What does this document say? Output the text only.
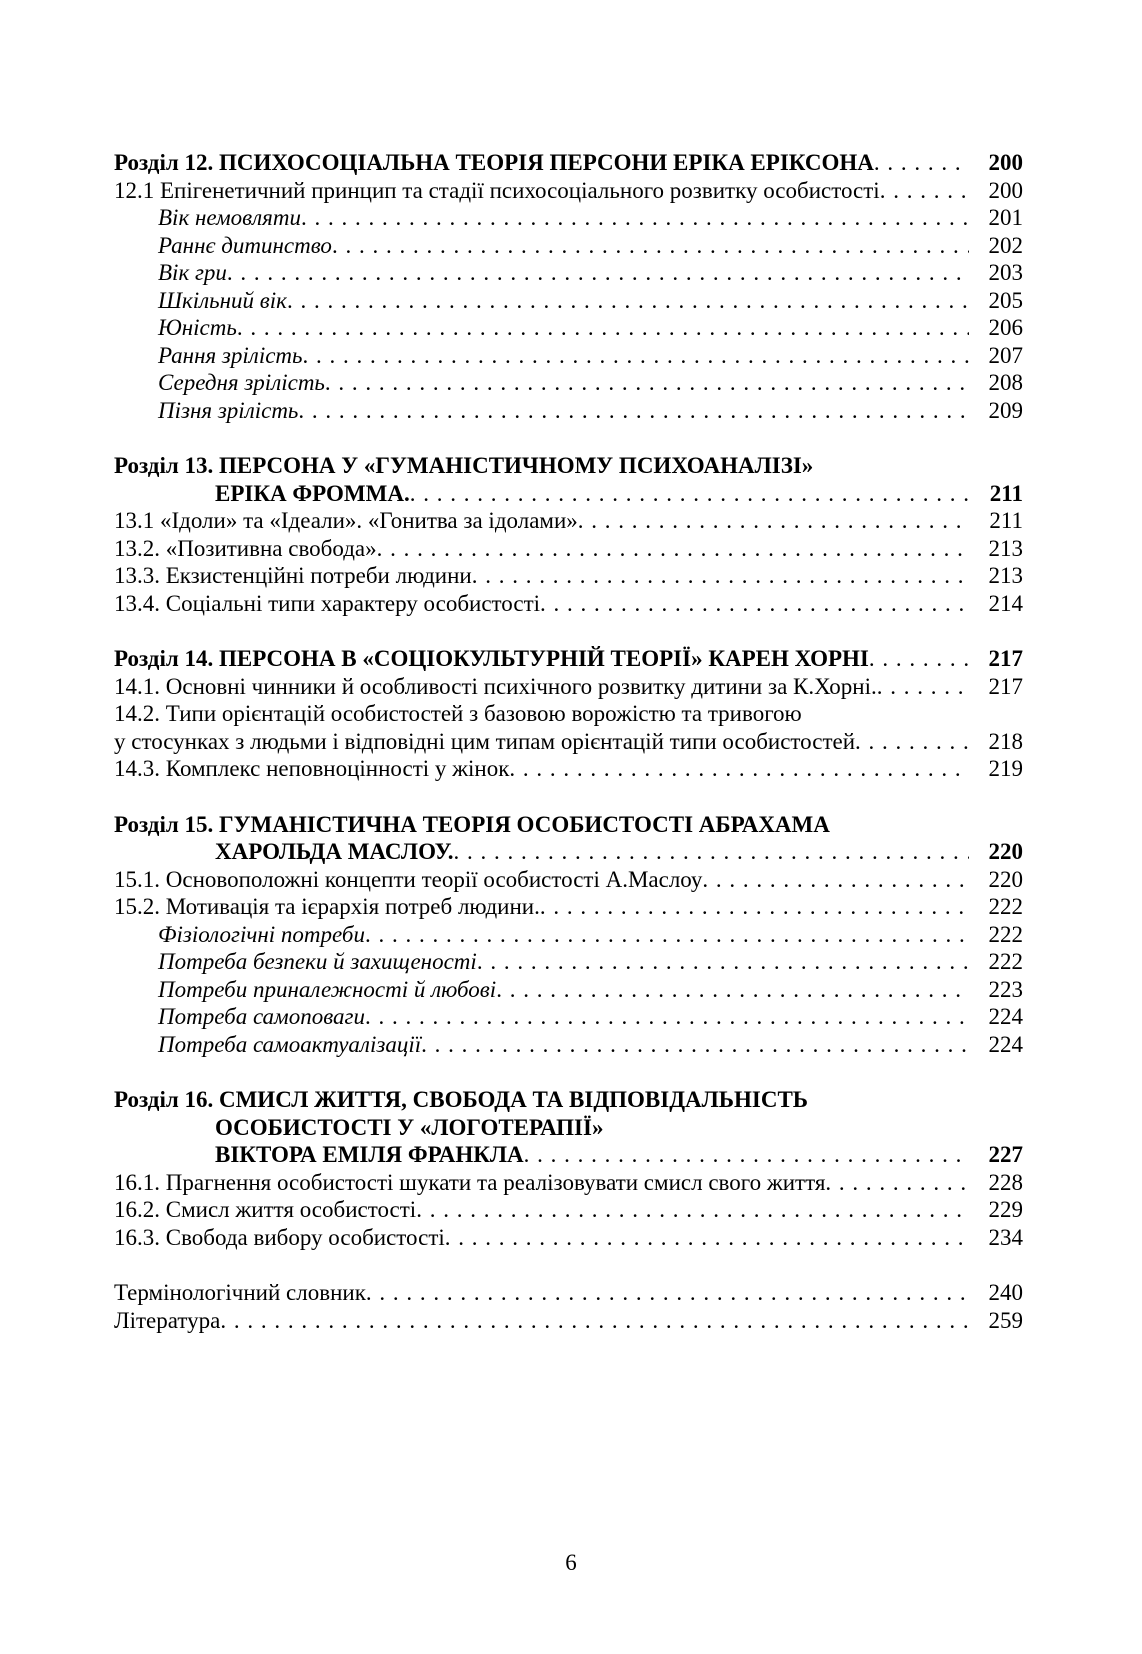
Розділ 12. ПСИХОСОЦІАЛЬНА ТЕОРІЯ ПЕРСОНИ ЕРІКА ЕРІКСОНА . . .	200
12.1 Епігенетичний принцип та стадії психосоціального розвитку особистості . . .	200
Вік немовляти . . .	201
Раннє дитинство . . .	202
Вік гри . . .	203
Шкільний вік . . .	205
Юність . . .	206
Рання зрілість . . .	207
Середня зрілість . . .	208
Пізня зрілість . . .	209
Розділ 13. ПЕРСОНА У «ГУМАНІСТИЧНОМУ ПСИХОАНАЛІЗІ»
ЕРІКА ФРОММА. . . .	211
13.1 «Ідоли» та «Ідеали». «Гонитва за ідолами» . . .	211
13.2. «Позитивна свобода» . . .	213
13.3. Екзистенційні потреби людини . . .	213
13.4. Соціальні типи характеру особистості . . .	214
Розділ 14. ПЕРСОНА В «СОЦІОКУЛЬТУРНІЙ ТЕОРІЇ» КАРЕН ХОРНІ . . .	217
14.1. Основні чинники й особливості психічного розвитку дитини за К.Хорні. . . .	217
14.2. Типи орієнтацій особистостей з базовою ворожістю та тривогою
у стосунках з людьми і відповідні цим типам орієнтацій типи особистостей . . .	218
14.3. Комплекс неповноцінності у жінок . . .	219
Розділ 15. ГУМАНІСТИЧНА ТЕОРІЯ ОСОБИСТОСТІ АБРАХАМА
ХАРОЛЬДА МАСЛОУ. . . .	220
15.1. Основоположні концепти теорії особистості А.Маслоу . . .	220
15.2. Мотивація та ієрархія потреб людини. . . .	222
Фізіологічні потреби . . .	222
Потреба безпеки й захищеності . . .	222
Потреби приналежності й любові . . .	223
Потреба самоповаги . . .	224
Потреба самоактуалізації . . .	224
Розділ 16. СМИСЛ ЖИТТЯ, СВОБОДА ТА ВІДПОВІДАЛЬНІСТЬ
ОСОБИСТОСТІ У «ЛОГОТЕРАПІЇ»
ВІКТОРА ЕМІЛЯ ФРАНКЛА . . .	227
16.1. Прагнення особистості шукати та реалізовувати смисл свого життя . . .	228
16.2. Смисл життя особистості . . .	229
16.3. Свобода вибору особистості . . .	234
Термінологічний словник . . .	240
Література . . .	259
6
